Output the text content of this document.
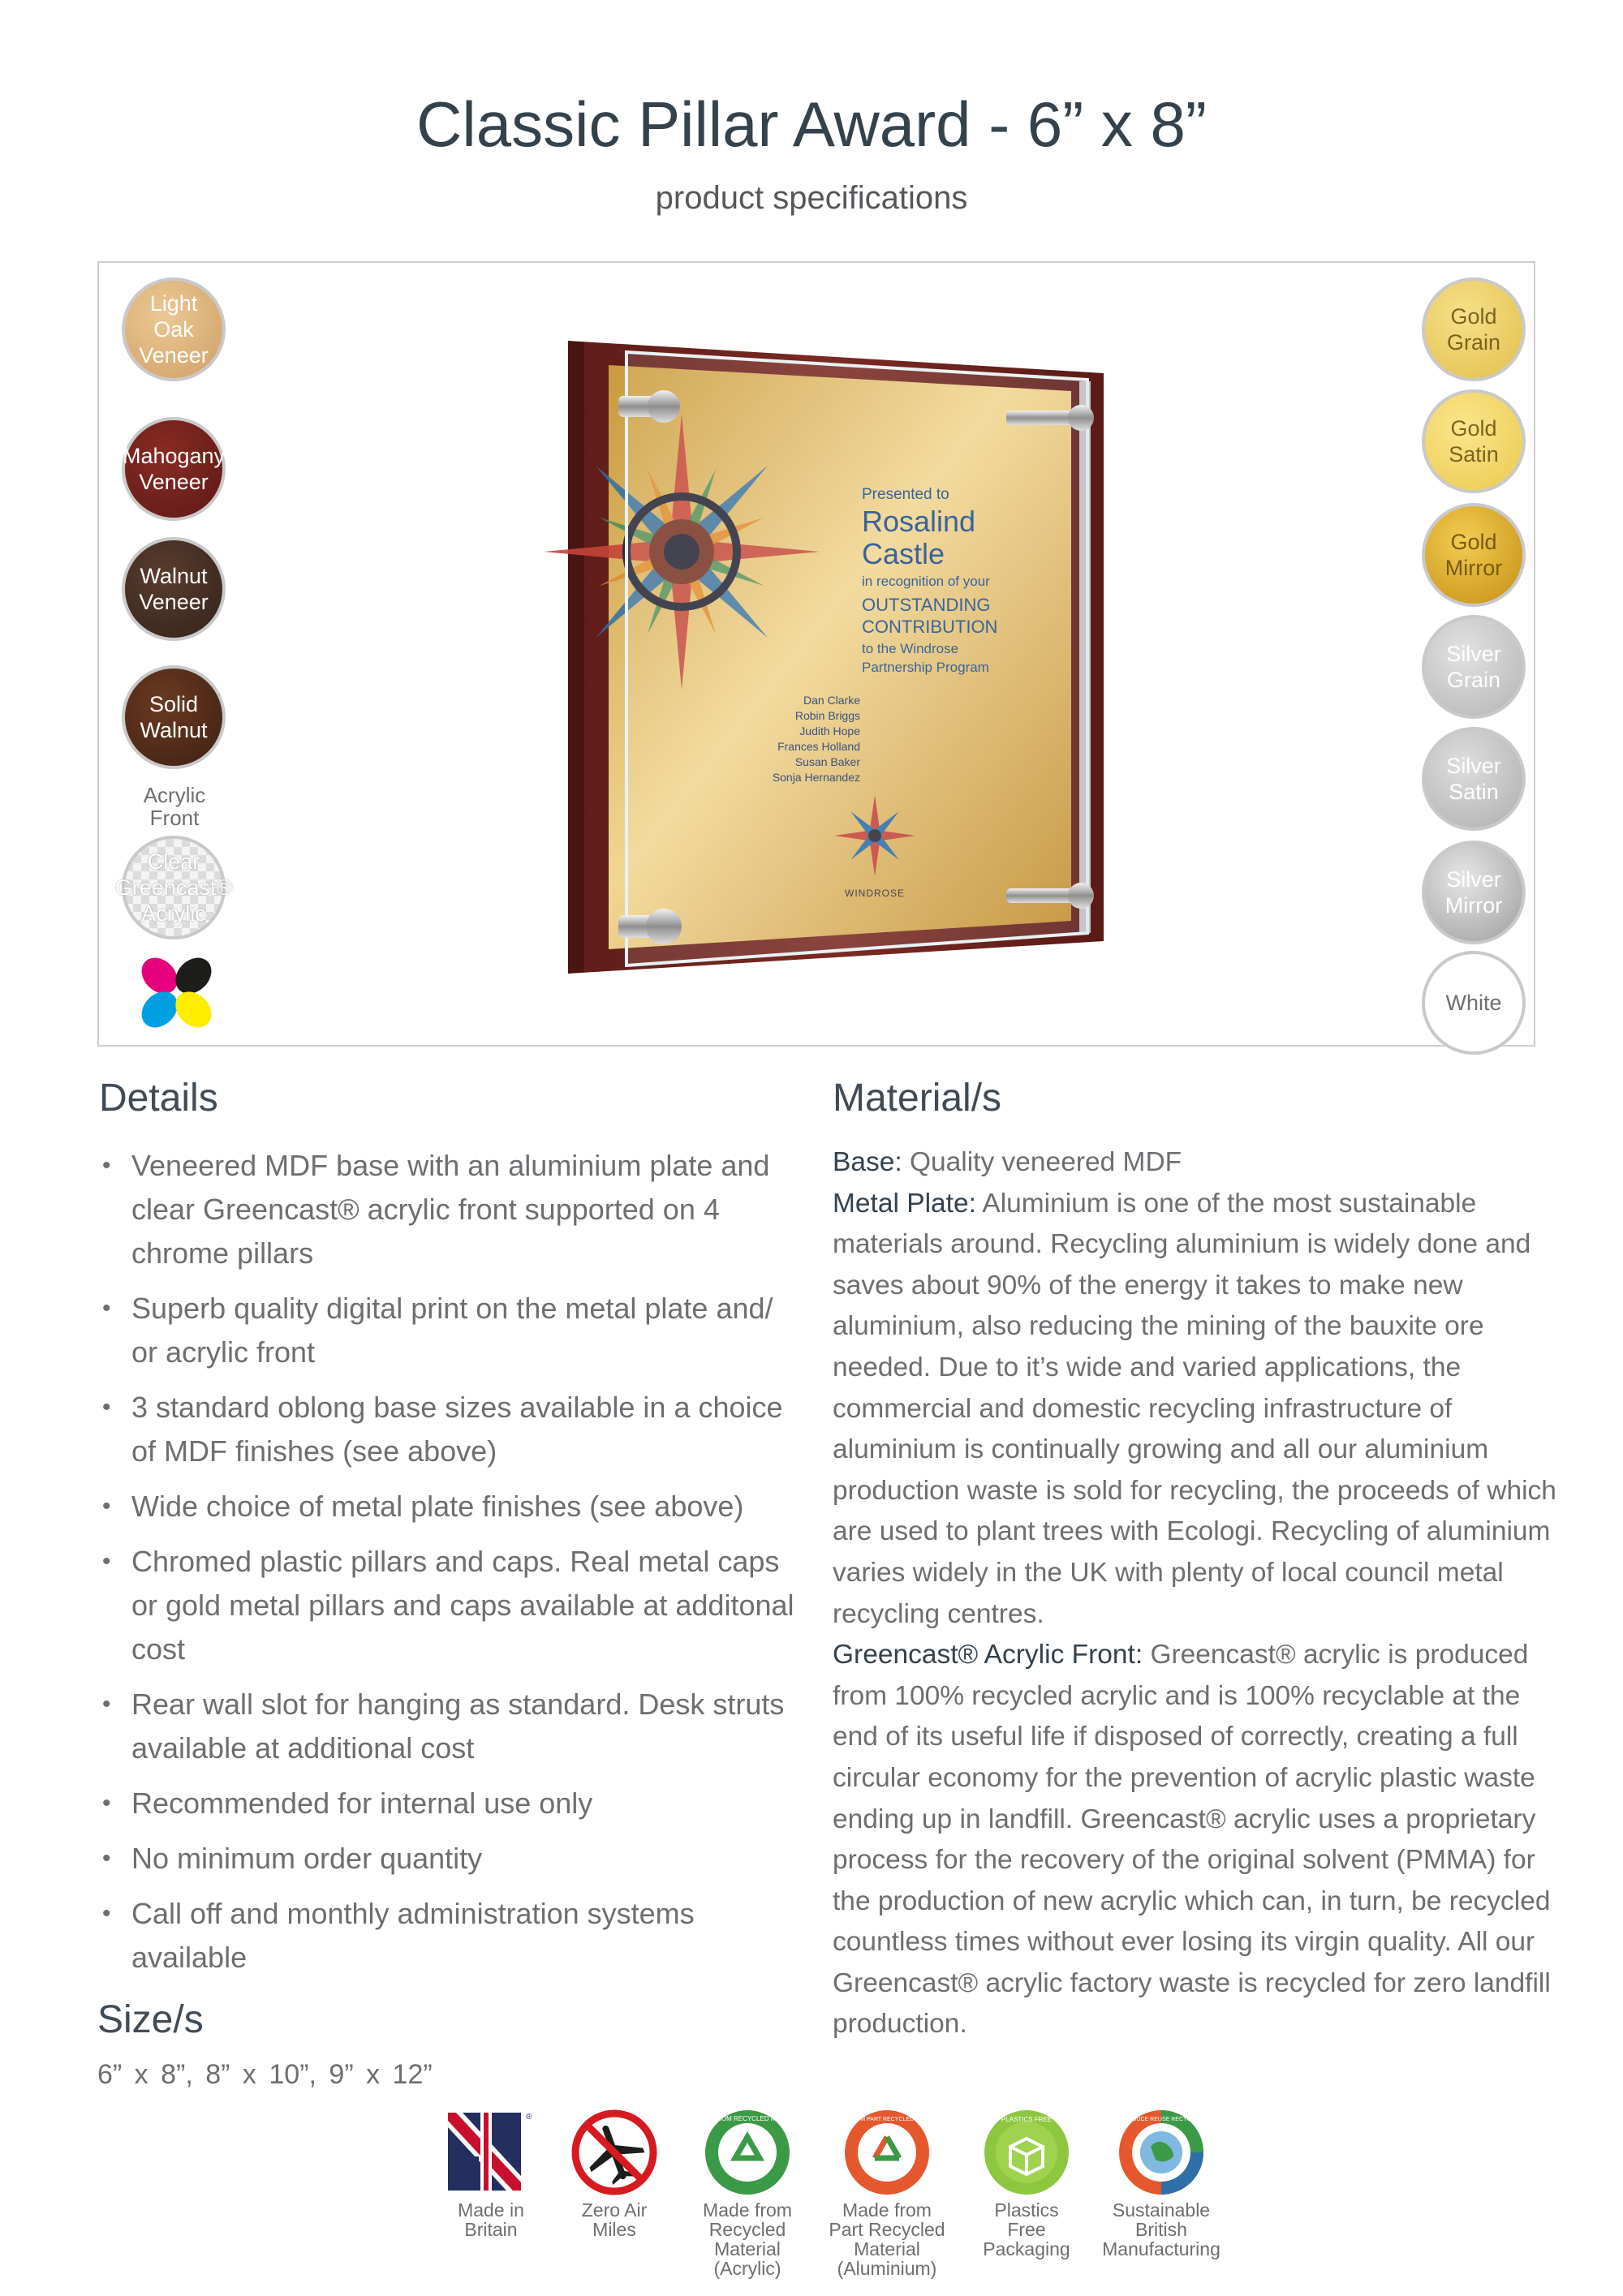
Classic Pillar Award - 6” x 8”
product specifications
Light
Oak
Veneer
Mahogany
Veneer
Walnut
Veneer
Solid
Walnut
Acrylic
Front
Clear
Greencast®
Acrylic
Gold
Grain
Gold
Satin
Gold
Mirror
Silver
Grain
Silver
Satin
Silver
Mirror
White
Presented to
Rosalind
Castle
in recognition of your
OUTSTANDING
CONTRIBUTION
to the Windrose
Partnership Program
Dan Clarke
Robin Briggs
Judith Hope
Frances Holland
Susan Baker
Sonja Hernandez
WINDROSE
Details
• Veneered MDF base with an aluminium plate and clear Greencast® acrylic front supported on 4 chrome pillars
• Superb quality digital print on the metal plate and/ or acrylic front
• 3 standard oblong base sizes available in a choice of MDF finishes (see above)
• Wide choice of metal plate finishes (see above)
• Chromed plastic pillars and caps. Real metal caps or gold metal pillars and caps available at additonal cost
• Rear wall slot for hanging as standard. Desk struts available at additional cost
• Recommended for internal use only
• No minimum order quantity
• Call off and monthly administration systems available
Size/s
6” x 8”, 8” x 10”, 9” x 12”
Material/s
Base: Quality veneered MDF
Metal Plate: Aluminium is one of the most sustainable materials around. Recycling aluminium is widely done and saves about 90% of the energy it takes to make new aluminium, also reducing the mining of the bauxite ore needed. Due to it’s wide and varied applications, the commercial and domestic recycling infrastructure of aluminium is continually growing and all our aluminium production waste is sold for recycling, the proceeds of which are used to plant trees with Ecologi. Recycling of aluminium varies widely in the UK with plenty of local council metal recycling centres.
Greencast® Acrylic Front: Greencast® acrylic is produced from 100% recycled acrylic and is 100% recyclable at the end of its useful life if disposed of correctly, creating a full circular economy for the prevention of acrylic plastic waste ending up in landfill. Greencast® acrylic uses a proprietary process for the recovery of the original solvent (PMMA) for the production of new acrylic which can, in turn, be recycled countless times without ever losing its virgin quality. All our Greencast® acrylic factory waste is recycled for zero landfill production.
®	MADE FROM RECYCLED MATERIAL	MADE FROM PART RECYCLED MATERIAL	PLASTICS FREE	REDUCE REUSE RECYCLE
Made in
Britain
Zero Air
Miles
Made from
Recycled
Material
(Acrylic)
Made from
Part Recycled
Material
(Aluminium)
Plastics
Free
Packaging
Sustainable
British
Manufacturing
